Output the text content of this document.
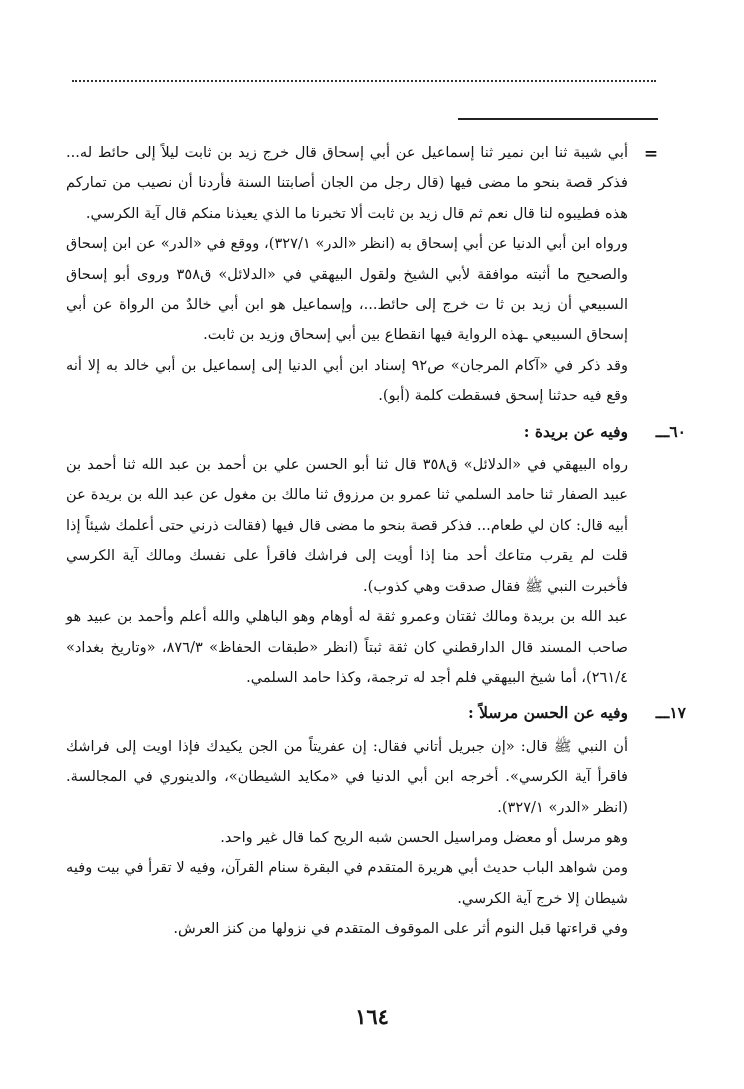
=

أبي شيبة ثنا ابن نمير ثنا إسماعيل عن أبي إسحاق قال خرج زيد بن ثابت ليلاً إلى حائط له... فذكر قصة بنحو ما مضى فيها (قال رجل من الجان أصابتنا السنة فأردنا أن نصيب من تماركم هذه فطيبوه لنا قال نعم ثم قال زيد بن ثابت ألا تخبرنا ما الذي يعيذنا منكم قال آية الكرسي.

ورواه ابن أبي الدنيا عن أبي إسحاق به (انظر «الدر» ٣٢٧/١)، ووقع في «الدر» عن ابن إسحاق والصحيح ما أثبته موافقة لأبي الشيخ ولقول البيهقي في «الدلائل» ق٣٥٨ وروى أبو إسحاق السبيعي أن زيد بن ثا ت خرج إلى حائط...، وإسماعيل هو ابن أبي خالدٌ من الرواة عن أبي إسحاق السبيعي ـهذه الرواية فيها انقطاع بين أبي إسحاق وزيد بن ثابت.

وقد ذكر في «آكام المرجان» ص٩٢ إسناد ابن أبي الدنيا إلى إسماعيل بن أبي خالد به إلا أنه وقع فيه حدثنا إسحق فسقطت كلمة (أبو).

٦٠ـــ
وفيه عن بريدة :

رواه البيهقي في «الدلائل» ق٣٥٨ قال ثنا أبو الحسن علي بن أحمد بن عبد الله ثنا أحمد بن عبيد الصفار ثنا حامد السلمي ثنا عمرو بن مرزوق ثنا مالك بن مغول عن عبد الله بن بريدة عن أبيه قال: كان لي طعام... فذكر قصة بنحو ما مضى قال فيها (فقالت ذرني حتى أعلمك شيئاً إذا قلت لم يقرب متاعك أحد منا إذا أويت إلى فراشك فاقرأ على نفسك ومالك آية الكرسي فأخبرت النبي ﷺ فقال صدقت وهي كذوب).

عبد الله بن بريدة ومالك ثقتان وعمرو ثقة له أوهام وهو الباهلي والله أعلم وأحمد بن عبيد هو صاحب المسند قال الدارقطني كان ثقة ثبتاً (انظر «طبقات الحفاظ» ٨٧٦/٣، «وتاريخ بغداد» ٢٦١/٤)، أما شيخ البيهقي فلم أجد له ترجمة، وكذا حامد السلمي.

١٧ـــ
وفيه عن الحسن مرسلاً :

أن النبي ﷺ قال: «إن جبريل أتاني فقال: إن عفريتاً من الجن يكيدك فإذا اويت إلى فراشك فاقرأ آية الكرسي». أخرجه ابن أبي الدنيا في «مكايد الشيطان»، والدينوري في المجالسة. (انظر «الدر» ٣٢٧/١).

وهو مرسل أو معضل ومراسيل الحسن شبه الريح كما قال غير واحد.

ومن شواهد الباب حديث أبي هريرة المتقدم في البقرة سنام القرآن، وفيه لا تقرأ في بيت وفيه شيطان إلا خرج آية الكرسي.

وفي قراءتها قبل النوم أثر على الموقوف المتقدم في نزولها من كنز العرش.

١٦٤
